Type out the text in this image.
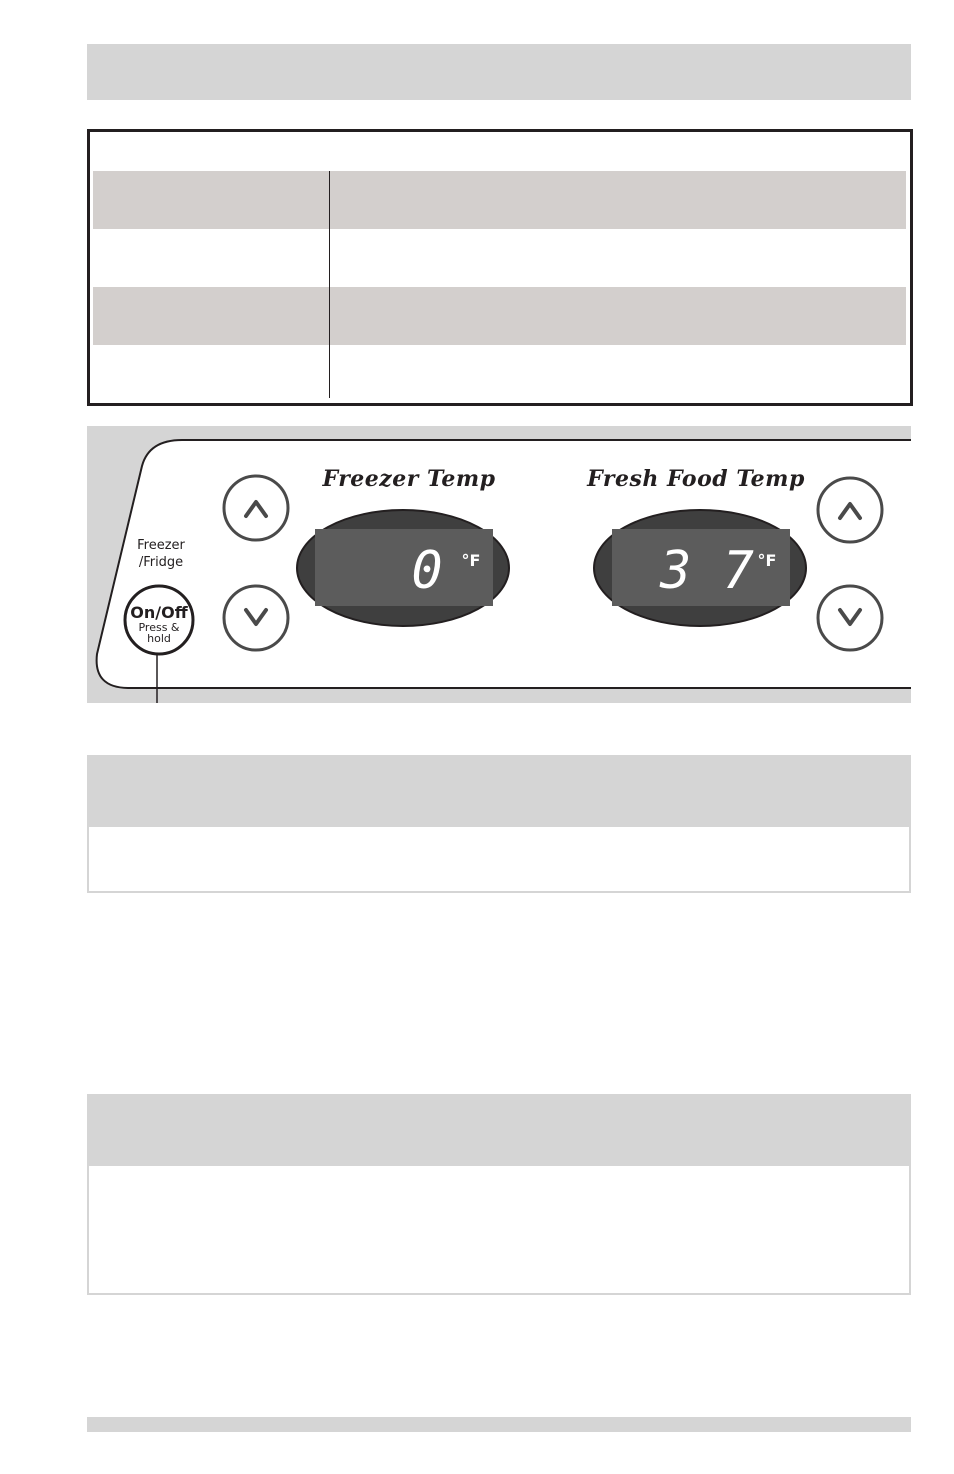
Freezer
/Fridge
On/Off
Press &
hold
Freezer Temp	Fresh Food Temp
0 °F	3 7 °F
